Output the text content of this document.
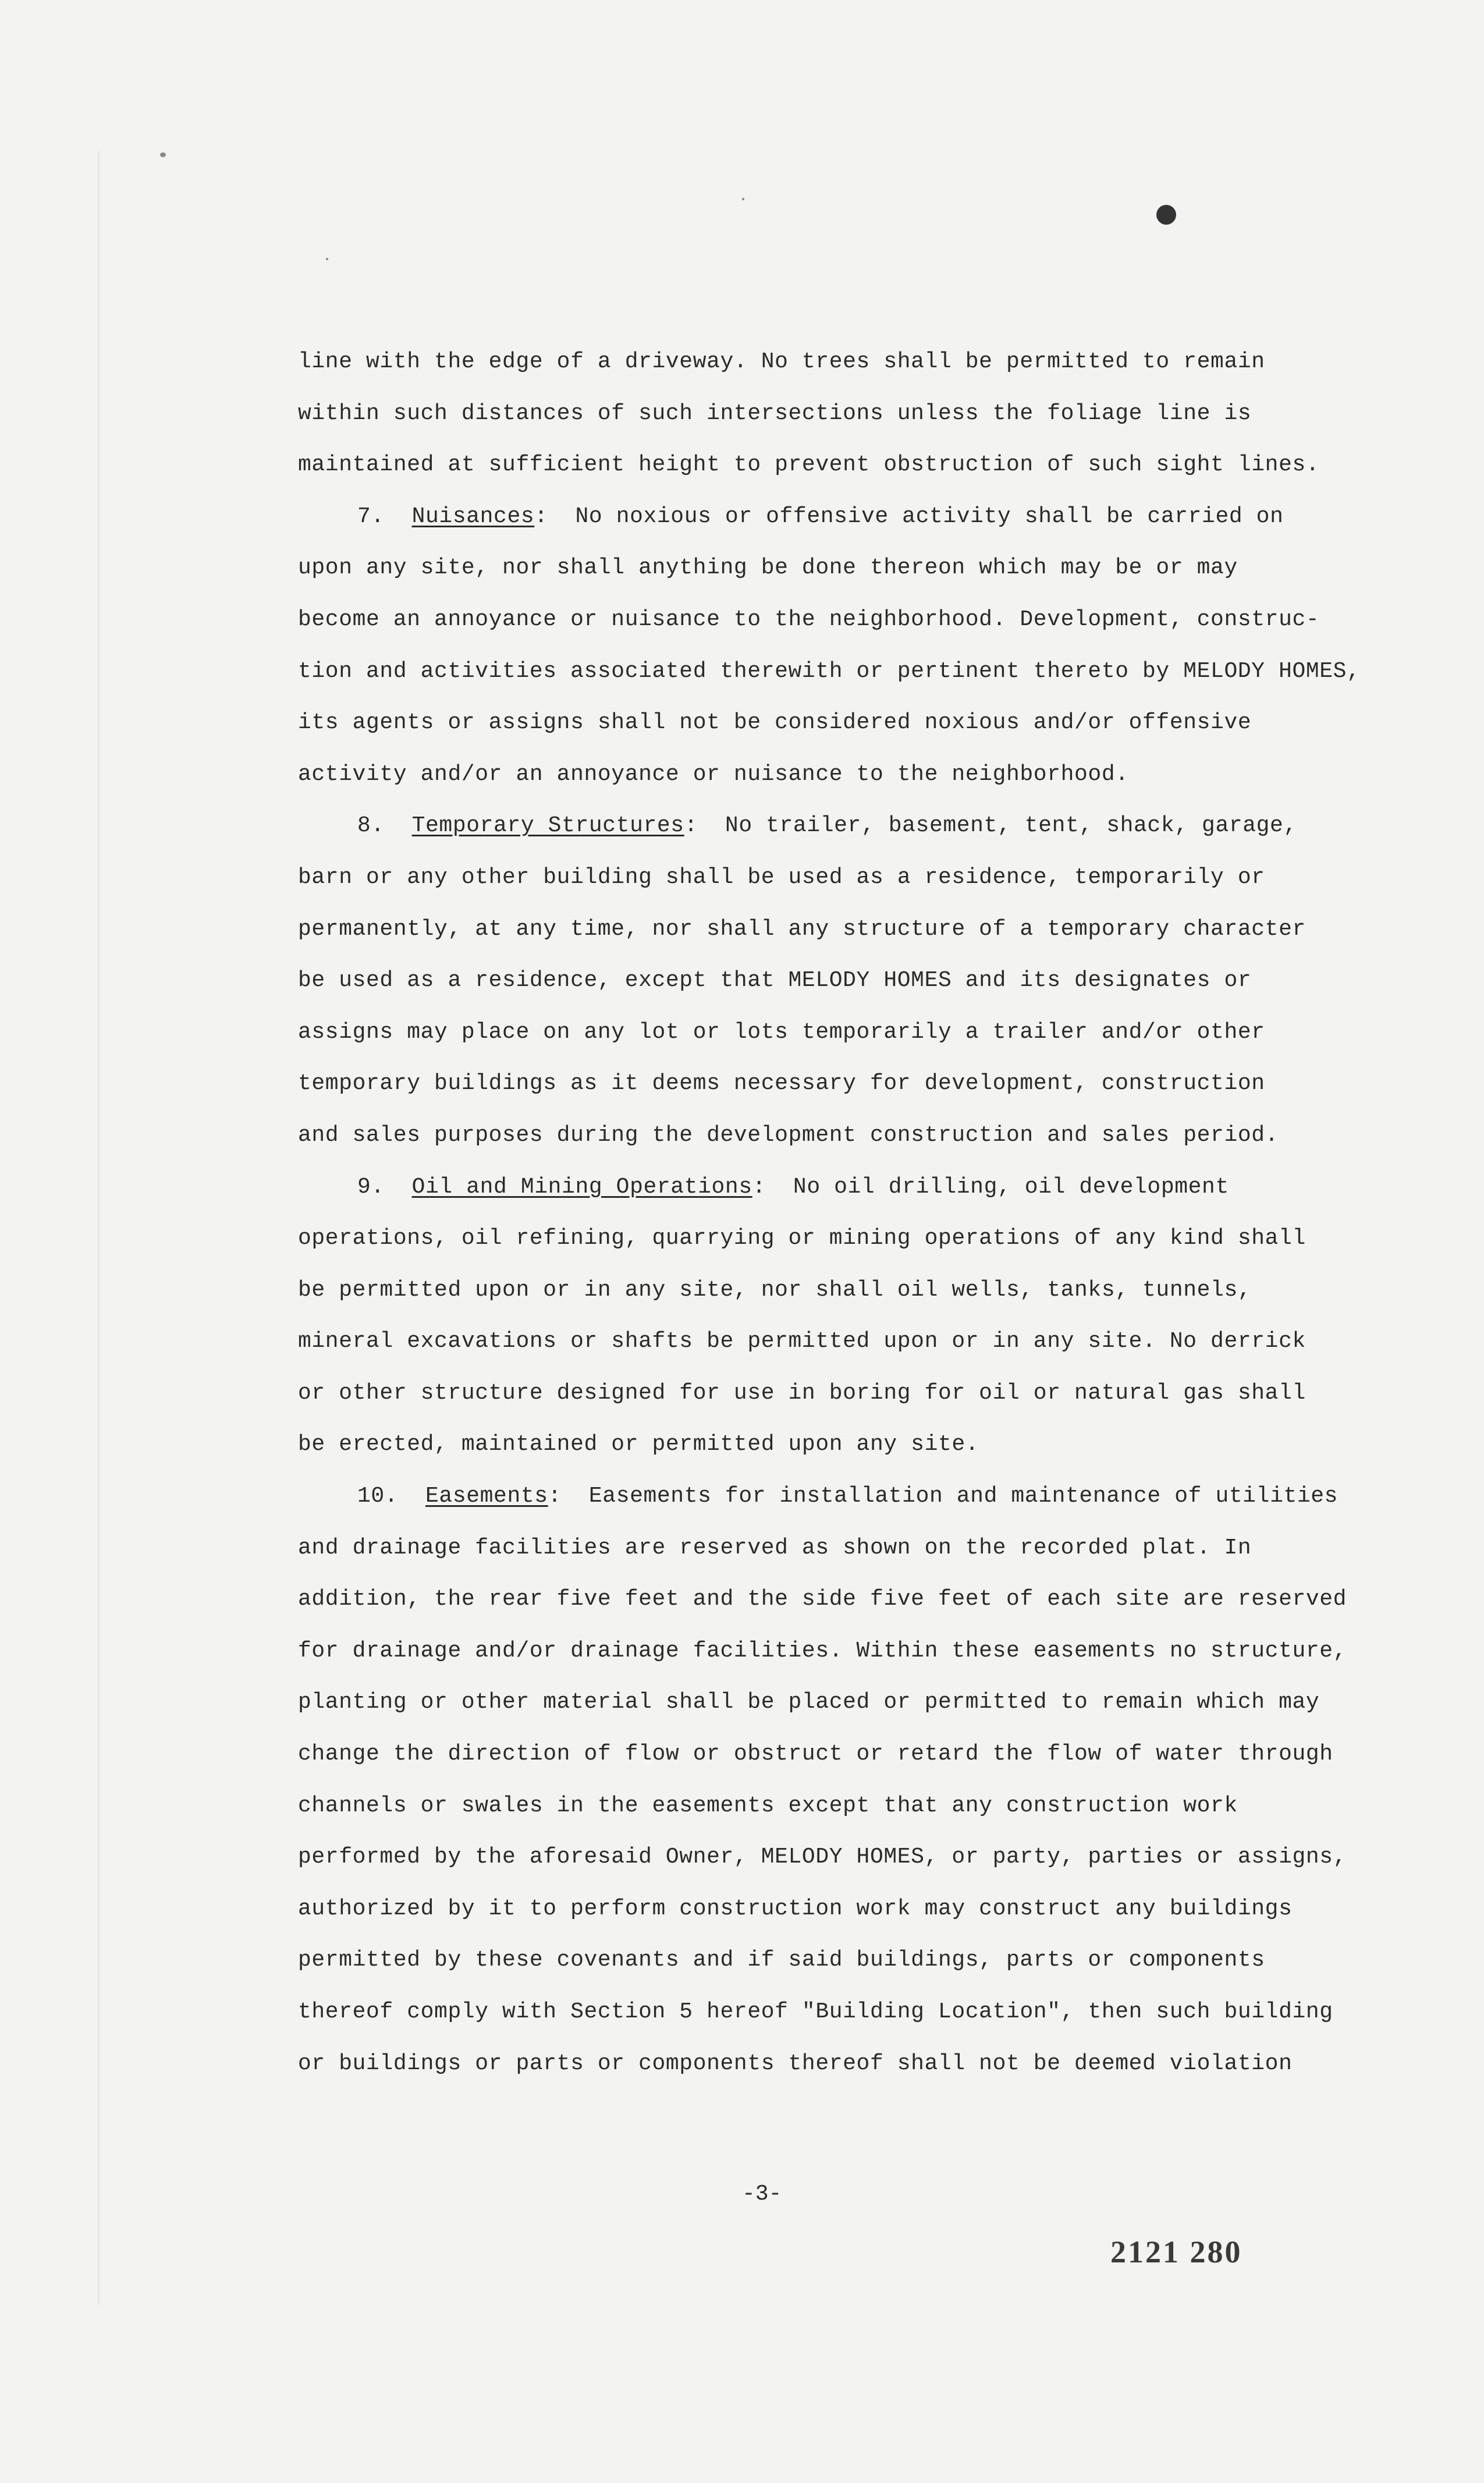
line with the edge of a driveway. No trees shall be permitted to remain
within such distances of such intersections unless the foliage line is
maintained at sufficient height to prevent obstruction of such sight lines.
7. Nuisances:  No noxious or offensive activity shall be carried on
upon any site, nor shall anything be done thereon which may be or may
become an annoyance or nuisance to the neighborhood. Development, construc-
tion and activities associated therewith or pertinent thereto by MELODY HOMES,
its agents or assigns shall not be considered noxious and/or offensive
activity and/or an annoyance or nuisance to the neighborhood.
8. Temporary Structures:  No trailer, basement, tent, shack, garage,
barn or any other building shall be used as a residence, temporarily or
permanently, at any time, nor shall any structure of a temporary character
be used as a residence, except that MELODY HOMES and its designates or
assigns may place on any lot or lots temporarily a trailer and/or other
temporary buildings as it deems necessary for development, construction
and sales purposes during the development construction and sales period.
9. Oil and Mining Operations:  No oil drilling, oil development
operations, oil refining, quarrying or mining operations of any kind shall
be permitted upon or in any site, nor shall oil wells, tanks, tunnels,
mineral excavations or shafts be permitted upon or in any site. No derrick
or other structure designed for use in boring for oil or natural gas shall
be erected, maintained or permitted upon any site.
10. Easements:  Easements for installation and maintenance of utilities
and drainage facilities are reserved as shown on the recorded plat. In
addition, the rear five feet and the side five feet of each site are reserved
for drainage and/or drainage facilities. Within these easements no structure,
planting or other material shall be placed or permitted to remain which may
change the direction of flow or obstruct or retard the flow of water through
channels or swales in the easements except that any construction work
performed by the aforesaid Owner, MELODY HOMES, or party, parties or assigns,
authorized by it to perform construction work may construct any buildings
permitted by these covenants and if said buildings, parts or components
thereof comply with Section 5 hereof "Building Location", then such building
or buildings or parts or components thereof shall not be deemed violation
-3-
2121 280
